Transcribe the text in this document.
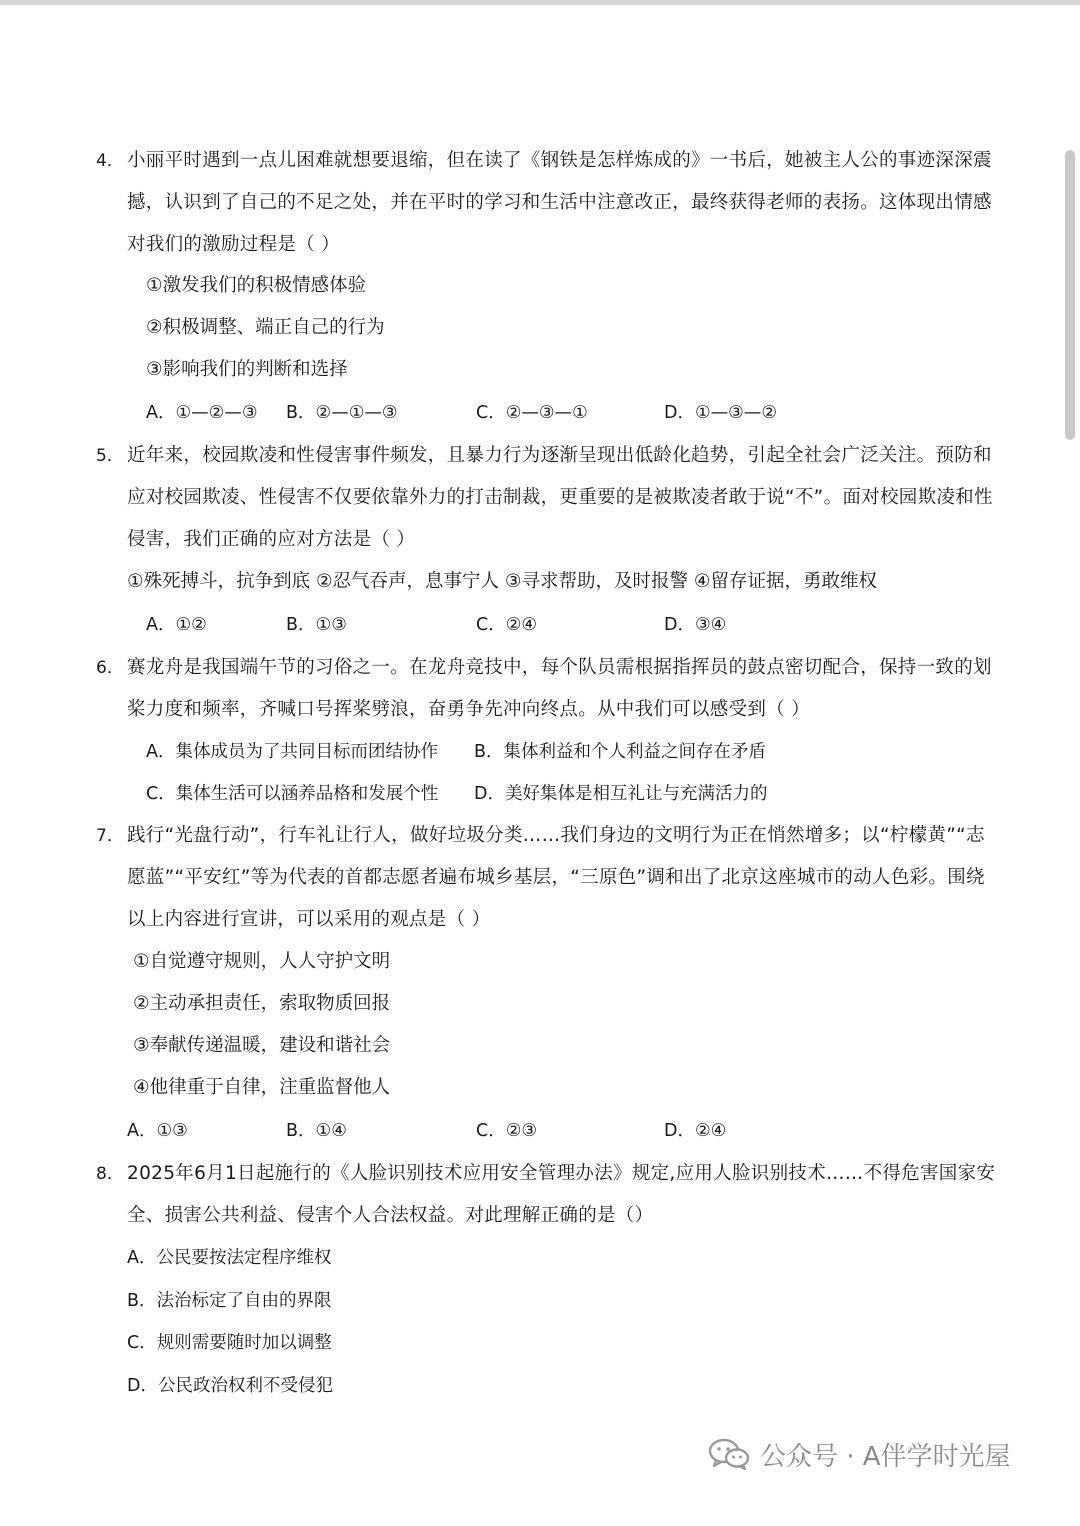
4． 小丽平时遇到一点儿困难就想要退缩，但在读了《钢铁是怎样炼成的》一书后，她被主人公的事迹深深震撼，认识到了自己的不足之处，并在平时的学习和生活中注意改正，最终获得老师的表扬。这体现出情感对我们的激励过程是（ ）
①激发我们的积极情感体验
②积极调整、端正自己的行为
③影响我们的判断和选择
A．①—②—③ B．②—①—③	C．②—③—①	D．①—③—②
5． 近年来，校园欺凌和性侵害事件频发，且暴力行为逐渐呈现出低龄化趋势，引起全社会广泛关注。预防和应对校园欺凌、性侵害不仅要依靠外力的打击制裁，更重要的是被欺凌者敢于说“不”。面对校园欺凌和性侵害，我们正确的应对方法是（ ）
①殊死搏斗，抗争到底 ②忍气吞声，息事宁人 ③寻求帮助，及时报警 ④留存证据，勇敢维权
A．①②	B．①③	C．②④	D．③④
6． 赛龙舟是我国端午节的习俗之一。在龙舟竞技中，每个队员需根据指挥员的鼓点密切配合，保持一致的划桨力度和频率，齐喊口号挥桨劈浪，奋勇争先冲向终点。从中我们可以感受到（ ）
A．集体成员为了共同目标而团结协作 B．集体利益和个人利益之间存在矛盾
C．集体生活可以涵养品格和发展个性 D．美好集体是相互礼让与充满活力的
7． 践行“光盘行动”，行车礼让行人，做好垃圾分类……我们身边的文明行为正在悄然增多；以“柠檬黄”“志愿蓝”“平安红”等为代表的首都志愿者遍布城乡基层，“三原色”调和出了北京这座城市的动人色彩。围绕以上内容进行宣讲，可以采用的观点是（ ）
①自觉遵守规则，人人守护文明
②主动承担责任，索取物质回报
③奉献传递温暖，建设和谐社会
④他律重于自律，注重监督他人
A．①③	B．①④	C．②③	D．②④
8． 2025年6月1日起施行的《人脸识别技术应用安全管理办法》规定,应用人脸识别技术……不得危害国家安全、损害公共利益、侵害个人合法权益。对此理解正确的是（）
A．公民要按法定程序维权
B．法治标定了自由的界限
C．规则需要随时加以调整
D．公民政治权利不受侵犯
公众号 · A伴学时光屋
